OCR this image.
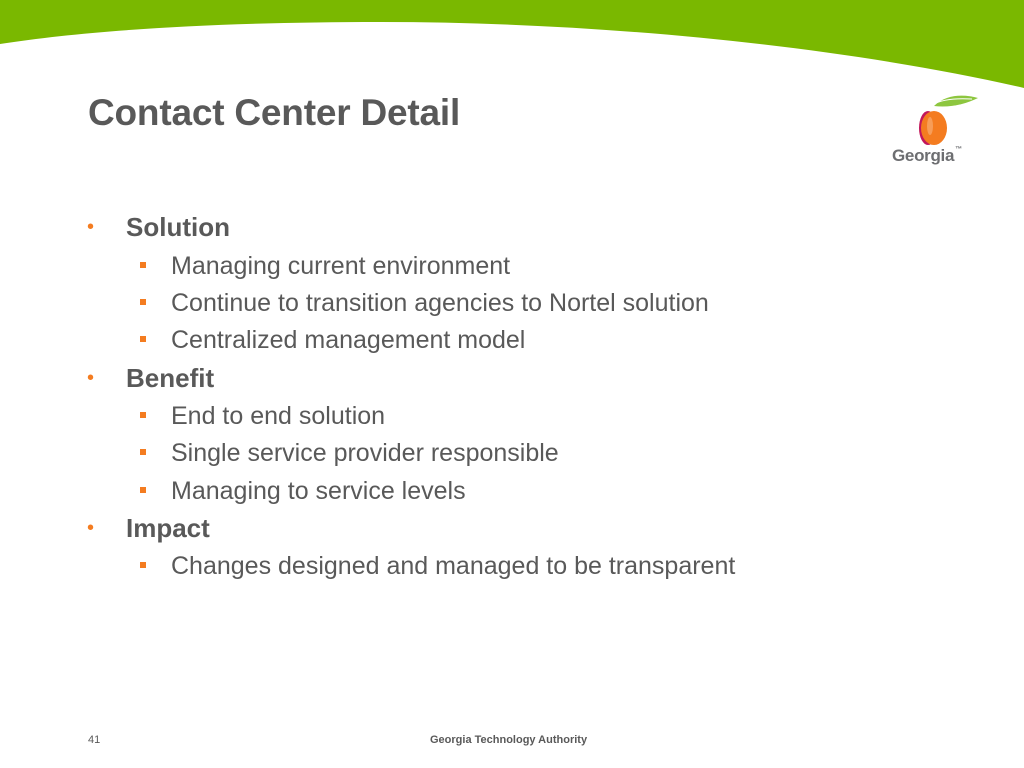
Contact Center Detail
Georgia™
• Solution
Managing current environment
Continue to transition agencies to Nortel solution
Centralized management model
• Benefit
End to end solution
Single service provider responsible
Managing to service levels
• Impact
Changes designed and managed to be transparent
41	Georgia Technology Authority
